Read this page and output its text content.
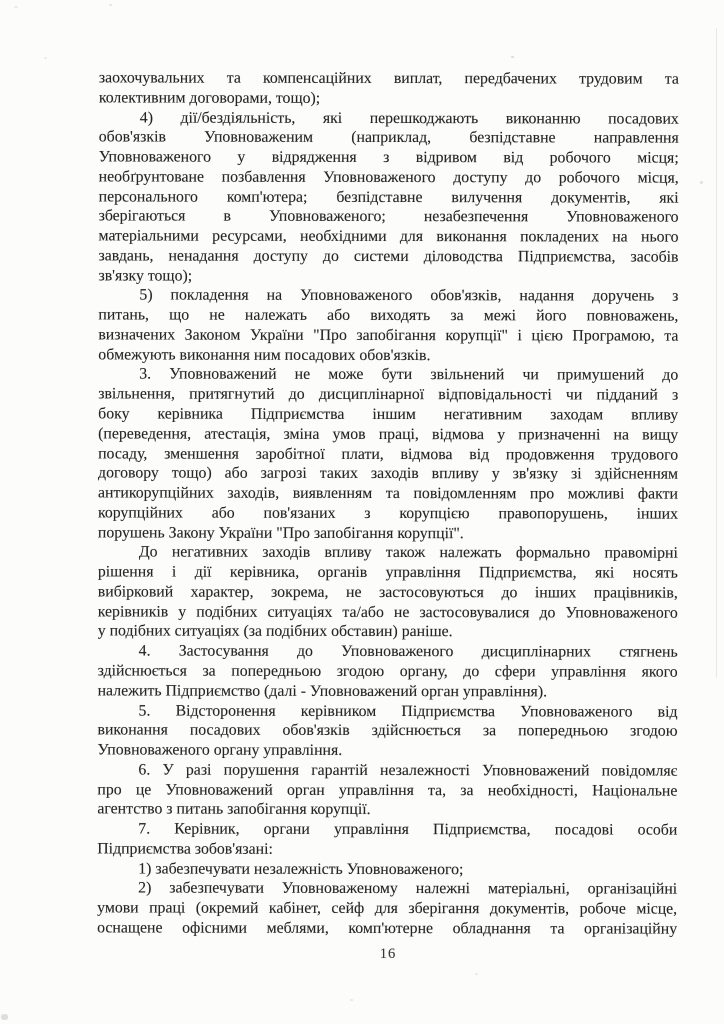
заохочувальних та компенсаційних виплат, передбачених трудовим та
колективним договорами, тощо);
4) дії/бездіяльність, які перешкоджають виконанню посадових
обов'язків Уповноваженим (наприклад, безпідставне направлення
Уповноваженого у відрядження з відривом від робочого місця;
необґрунтоване позбавлення Уповноваженого доступу до робочого місця,
персонального комп'ютера; безпідставне вилучення документів, які
зберігаються в Уповноваженого; незабезпечення Уповноваженого
матеріальними ресурсами, необхідними для виконання покладених на нього
завдань, ненадання доступу до системи діловодства Підприємства, засобів
зв'язку тощо);
5) покладення на Уповноваженого обов'язків, надання доручень з
питань, що не належать або виходять за межі його повноважень,
визначених Законом України "Про запобігання корупції" і цією Програмою, та
обмежують виконання ним посадових обов'язків.
3. Уповноважений не може бути звільнений чи примушений до
звільнення, притягнутий до дисциплінарної відповідальності чи підданий з
боку керівника Підприємства іншим негативним заходам впливу
(переведення, атестація, зміна умов праці, відмова у призначенні на вищу
посаду, зменшення заробітної плати, відмова від продовження трудового
договору тощо) або загрозі таких заходів впливу у зв'язку зі здійсненням
антикорупційних заходів, виявленням та повідомленням про можливі факти
корупційних або пов'язаних з корупцією правопорушень, інших
порушень Закону України "Про запобігання корупції".
До негативних заходів впливу також належать формально правомірні
рішення і дії керівника, органів управління Підприємства, які носять
вибірковий характер, зокрема, не застосовуються до інших працівників,
керівників у подібних ситуаціях та/або не застосовувалися до Уповноваженого
у подібних ситуаціях (за подібних обставин) раніше.
4. Застосування до Уповноваженого дисциплінарних стягнень
здійснюється за попередньою згодою органу, до сфери управління якого
належить Підприємство (далі - Уповноважений орган управління).
5. Відсторонення керівником Підприємства Уповноваженого від
виконання посадових обов'язків здійснюється за попередньою згодою
Уповноваженого органу управління.
6. У разі порушення гарантій незалежності Уповноважений повідомляє
про це Уповноважений орган управління та, за необхідності, Національне
агентство з питань запобігання корупції.
7. Керівник, органи управління Підприємства, посадові особи
Підприємства зобов'язані:
1) забезпечувати незалежність Уповноваженого;
2) забезпечувати Уповноваженому належні матеріальні, організаційні
умови праці (окремий кабінет, сейф для зберігання документів, робоче місце,
оснащене офісними меблями, комп'ютерне обладнання та організаційну
16
